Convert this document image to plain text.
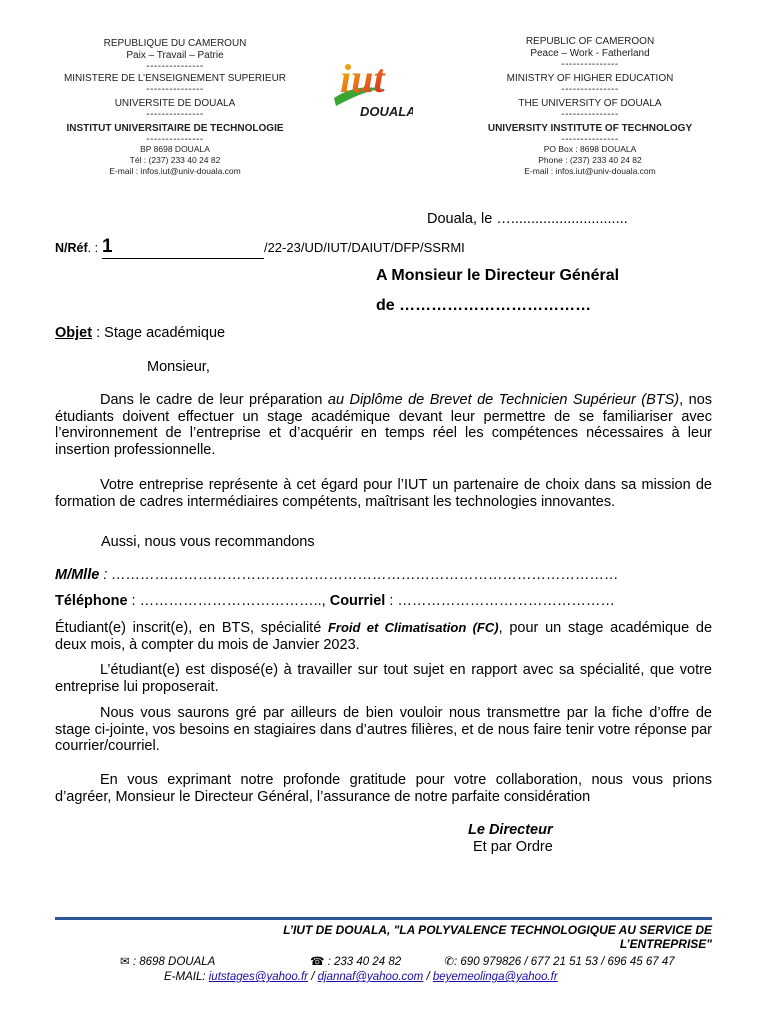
REPUBLIQUE DU CAMEROUN
Paix – Travail – Patrie
---------------
MINISTERE DE L’ENSEIGNEMENT SUPERIEUR
---------------
UNIVERSITE DE DOUALA
---------------
INSTITUT UNIVERSITAIRE DE TECHNOLOGIE
---------------
BP 8698 DOUALA
Tél : (237) 233 40 24 82
E-mail : infos.iut@univ-douala.com
iut
DOUALA
REPUBLIC OF CAMEROON
Peace – Work - Fatherland
---------------
MINISTRY OF HIGHER EDUCATION
---------------
THE UNIVERSITY OF DOUALA
---------------
UNIVERSITY INSTITUTE OF TECHNOLOGY
---------------
PO Box : 8698 DOUALA
Phone : (237) 233 40 24 82
E-mail : infos.iut@univ-douala.com
Douala, le ….............................
N/Réf. : 1	/22-23/UD/IUT/DAIUT/DFP/SSRMI
A Monsieur le Directeur Général
de ………………………………
Objet : Stage académique
Monsieur,
Dans le cadre de leur préparation au Diplôme de Brevet de Technicien Supérieur (BTS), nos étudiants doivent effectuer un stage académique devant leur permettre de se familiariser avec l’environnement de l’entreprise et d’acquérir en temps réel les compétences nécessaires à leur insertion professionnelle.
Votre entreprise représente à cet égard pour l’IUT un partenaire de choix dans sa mission de formation de cadres intermédiaires compétents, maîtrisant les technologies innovantes.
Aussi, nous vous recommandons
M/Mlle : ……………………………………………………………………………………………
Téléphone : ……………………………….., Courriel : ………………………………………
Étudiant(e) inscrit(e), en BTS, spécialité Froid et Climatisation (FC), pour un stage académique de deux mois, à compter du mois de Janvier 2023.
L’étudiant(e) est disposé(e) à travailler sur tout sujet en rapport avec sa spécialité, que votre entreprise lui proposerait.
Nous vous saurons gré par ailleurs de bien vouloir nous transmettre par la fiche d’offre de stage ci-jointe, vos besoins en stagiaires dans d’autres filières, et de nous faire tenir votre réponse par courrier/courriel.
En vous exprimant notre profonde gratitude pour votre collaboration, nous vous prions d’agréer, Monsieur le Directeur Général, l’assurance de notre parfaite considération
Le Directeur
Et par Ordre
L’IUT DE DOUALA, "LA POLYVALENCE TECHNOLOGIQUE AU SERVICE DE
L’ENTREPRISE"
✉ : 8698 DOUALA	☎ : 233 40 24 82	✆: 690 979826 / 677 21 51 53 / 696 45 67 47
E-MAIL: iutstages@yahoo.fr / djannaf@yahoo.com / beyemeolinga@yahoo.fr
